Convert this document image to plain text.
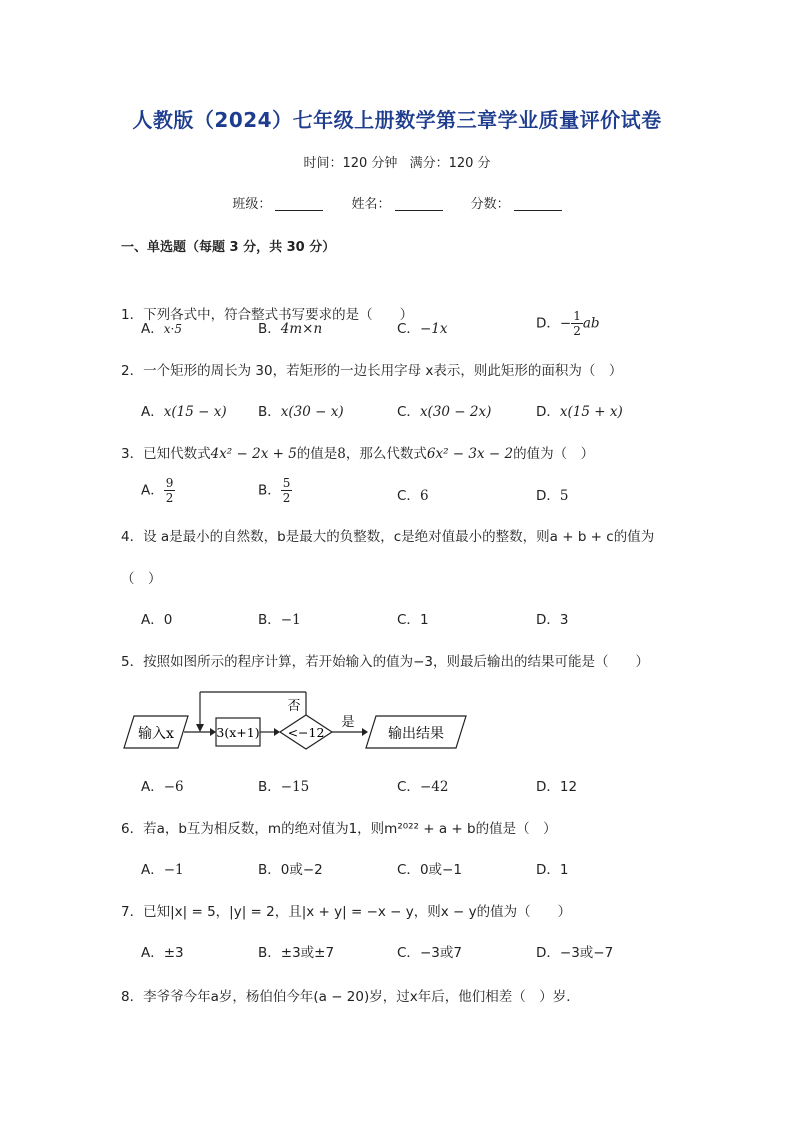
人教版（2024）七年级上册数学第三章学业质量评价试卷
时间：120 分钟 满分：120 分
班级：	姓名：	分数：
一、单选题（每题 3 分，共 30 分）
1．下列各式中，符合整式书写要求的是（　　）
A．x·5	B．4m×n	C．−1x	D．− $\frac{1}{2}$ ab
2．一个矩形的周长为 30，若矩形的一边长用字母 x表示，则此矩形的面积为（　）
A．x(15 − x) B．x(30 − x)	C．x(30 − 2x)	D．x(15 + x)
3．已知代数式4x² − 2x + 5的值是8，那么代数式6x² − 3x − 2的值为（　）
A． $\frac{9}{2}$	B． $\frac{5}{2}$	C．6	D．5
4．设 a是最小的自然数，b是最大的负整数，c是绝对值最小的整数，则a + b + c的值为
（　）
A．0	B．−1	C．1	D．3
5．按照如图所示的程序计算，若开始输入的值为−3，则最后输出的结果可能是（　　）
输入x	3(x+1) <−12
否
是
输出结果
A．−6	B．−15	C．−42	D．12
6．若a，b互为相反数，m的绝对值为1，则m²⁰²² + a + b的值是（　）
A．−1	B．0或−2	C．0或−1	D．1
7．已知|x| = 5，|y| = 2，且|x + y| = −x − y，则x − y的值为（　　）
A．±3	B．±3或±7	C．−3或7	D．−3或−7
8．李爷爷今年a岁，杨伯伯今年(a − 20)岁，过x年后，他们相差（　）岁．
